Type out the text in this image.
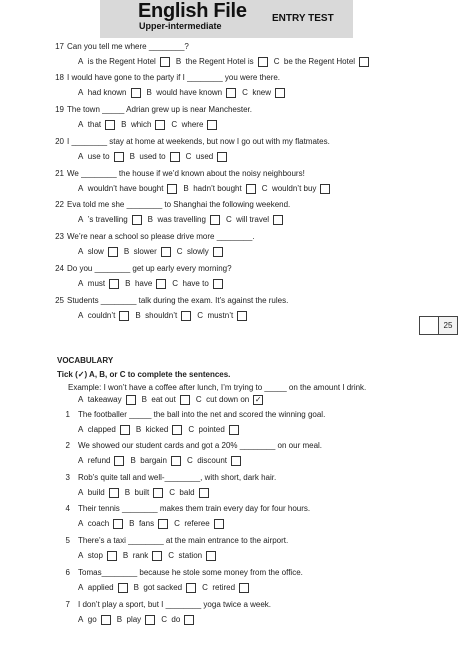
English File
Upper-intermediate
ENTRY TEST
17 Can you tell me where ________?
A
is the Regent Hotel	B
the Regent Hotel is	C
be the Regent Hotel
18 I would have gone to the party if I ________ you were there.
A
had known	B
would have known	C
knew
19 The town _____ Adrian grew up is near Manchester.
A
that	B
which	C
where
20 I ________ stay at home at weekends, but now I go out with my flatmates.
A
use to	B
used to	C
used
21 We ________ the house if we’d known about the noisy neighbours!
A
wouldn’t have bought	B
hadn’t bought	C
wouldn’t buy
22 Eva told me she ________ to Shanghai the following weekend.
A
’s travelling	B
was travelling	C
will travel
23 We’re near a school so please drive more ________.
A
slow	B
slower	C
slowly
24 Do you ________ get up early every morning?
A
must	B
have	C
have to
25 Students ________ talk during the exam. It’s against the rules.
A
couldn’t	B
shouldn’t	C
mustn’t
25
VOCABULARY
Tick (✓) A, B, or C to complete the sentences.
Example: I won’t have a coffee after lunch, I’m trying to _____ on the amount I drink.
A
takeaway	B
eat out	C
cut down on ✓
1 The footballer _____ the ball into the net and scored the winning goal.
A
clapped	B
kicked	C
pointed
2 We showed our student cards and got a 20% ________ on our meal.
A
refund	B
bargain	C
discount
3 Rob’s quite tall and well-________, with short, dark hair.
A
build	B
built	C
bald
4 Their tennis ________ makes them train every day for four hours.
A
coach	B
fans	C
referee
5 There’s a taxi ________ at the main entrance to the airport.
A
stop	B
rank	C
station
6 Tomas________ because he stole some money from the office.
A
applied	B
got sacked	C
retired
7 I don’t play a sport, but I ________ yoga twice a week.
A
go	B
play	C
do
